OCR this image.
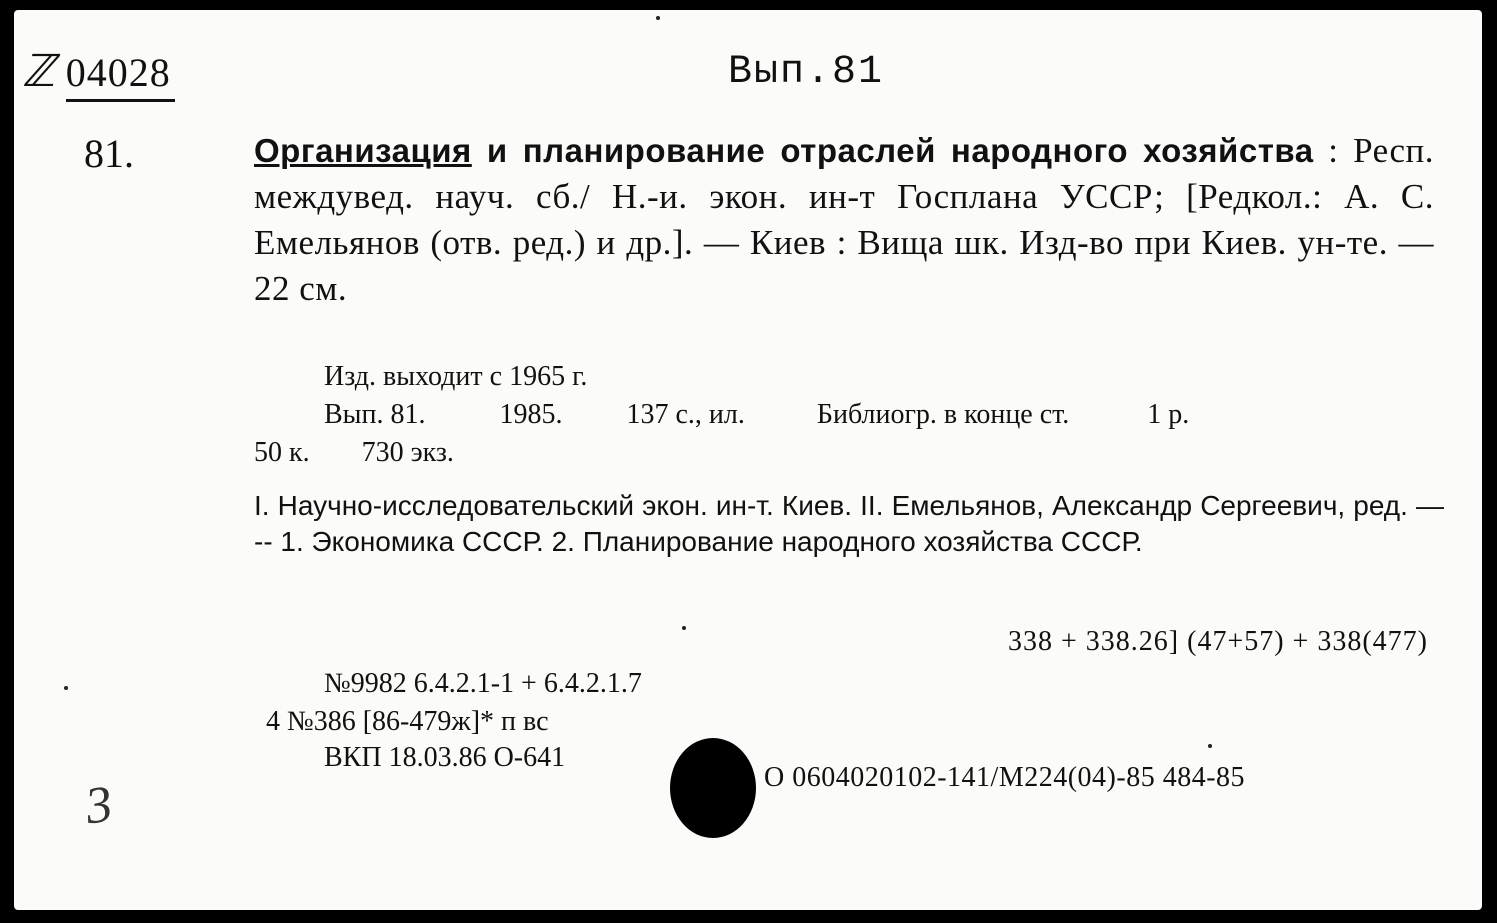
ℤ 04028	Вып.81
81.	Организация и планирование отраслей народного хозяйства : Респ. междувед. науч. сб./ Н.-и. экон. ин-т Госплана УССР; [Редкол.: А. С. Емельянов (отв. ред.) и др.]. — Киев : Вища шк. Изд-во при Киев. ун-те. — 22 см.
Изд. выходит с 1965 г.
Вып. 81.	1985. 137 с., ил.	Библиогр. в конце ст.	1 р.
50 к. 730 экз.
I. Научно-исследовательский экон. ин-т. Киев. II. Емельянов, Александр Сергеевич, ред. — -- 1. Экономика СССР. 2. Планирование народного хозяйства СССР.
338 + 338.26] (47+57) + 338(477)
№9982 6.4.2.1-1 + 6.4.2.1.7
4 №386 [86-479ж]* п вс
ВКП 18.03.86 О-641
О 0604020102-141/М224(04)-85 484-85
3
